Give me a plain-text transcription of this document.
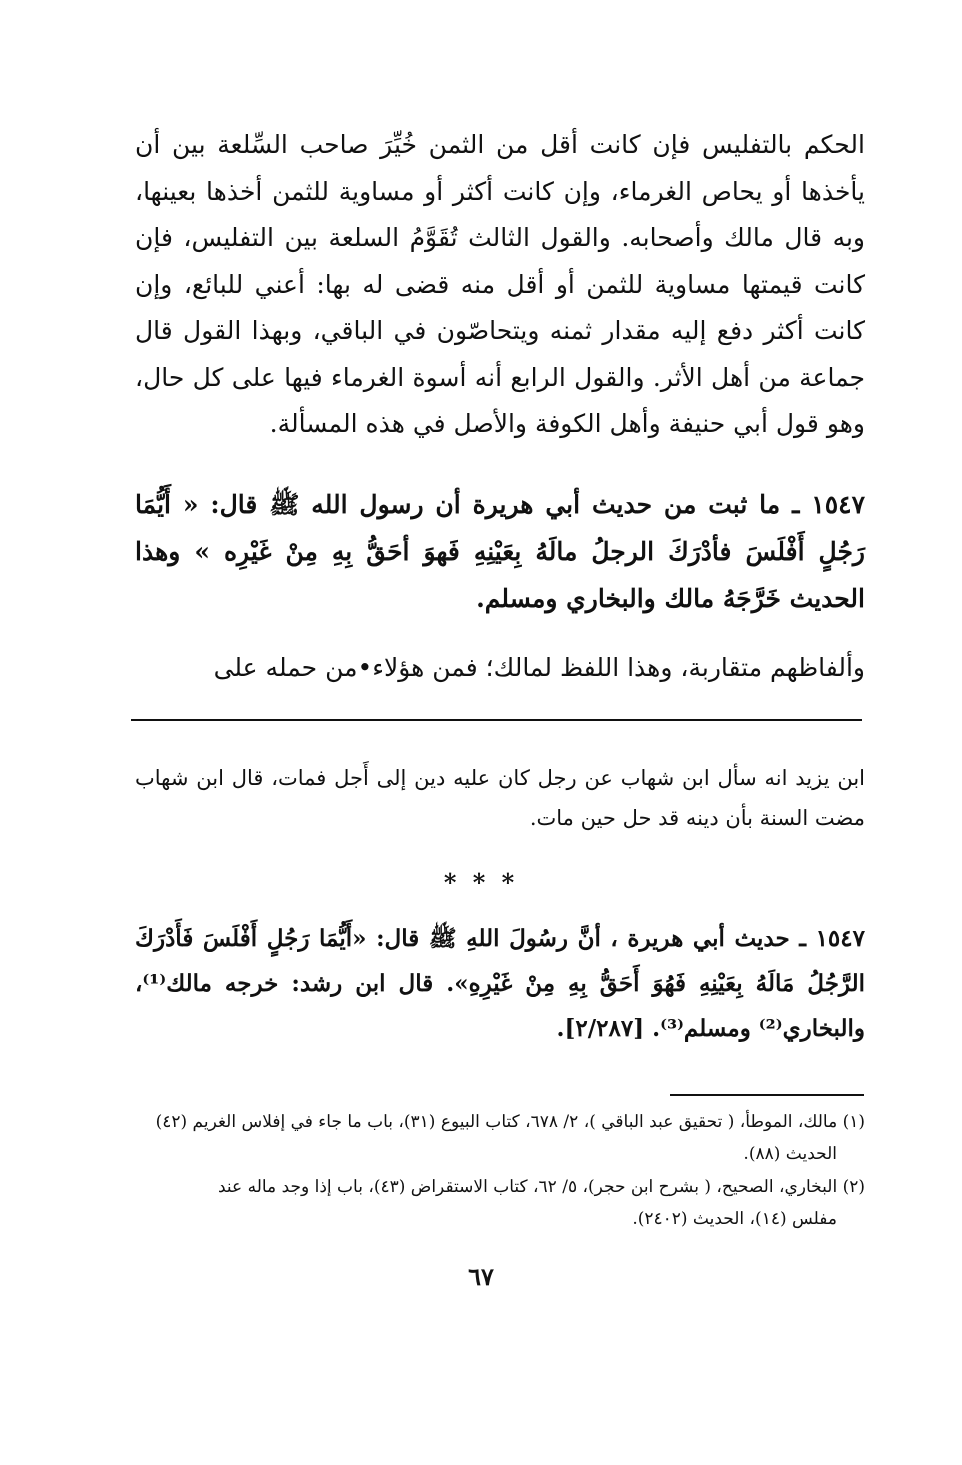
الحكم بالتفليس فإن كانت أقل من الثمن خُيِّرَ صاحب السِّلعة بين أن يأخذها أو يحاص الغرماء، وإن كانت أكثر أو مساوية للثمن أخذها بعينها، وبه قال مالك وأصحابه. والقول الثالث تُقَوَّمُ السلعة بين التفليس، فإن كانت قيمتها مساوية للثمن أو أقل منه قضى له بها: أعني للبائع، وإن كانت أكثر دفع إليه مقدار ثمنه ويتحاصّون في الباقي، وبهذا القول قال جماعة من أهل الأثر. والقول الرابع أنه أسوة الغرماء فيها على كل حال، وهو قول أبي حنيفة وأهل الكوفة والأصل في هذه المسألة.

١٥٤٧ ـ ما ثبت من حديث أبي هريرة أن رسول الله ﷺ قال: « أَيُّمَا رَجُلٍ أَفْلَسَ فأدْرَكَ الرجلُ مالَهُ بِعَيْنِهِ فَهوَ أحَقُّ بِهِ مِنْ غَيْرِه » وهذا الحديث خَرَّجَهُ مالك والبخاري ومسلم.

وألفاظهم متقاربة، وهذا اللفظ لمالك؛ فمن هؤلاء•من حمله على

ابن يزيد انه سأل ابن شهاب عن رجل كان عليه دين إلى أَجل فمات، قال ابن شهاب مضت السنة بأن دينه قد حل حين مات.

* * *

١٥٤٧ ـ حديث أبي هريرة ، أنَّ رسُولَ اللهِ ﷺ قال: «أَيُّمَا رَجُلٍ أَفْلَسَ فَأَدْرَكَ الرَّجُلُ مَالَهُ بِعَيْنِهِ فَهُوَ أَحَقُّ بِهِ مِنْ غَيْرِهِ». قال ابن رشد: خرجه مالك⁽¹⁾، والبخاري⁽²⁾ ومسلم⁽³⁾. [٢/٢٨٧].

(١) مالك، الموطأ، ( تحقيق عبد الباقي )، ٢/ ٦٧٨، كتاب البيوع (٣١)، باب ما جاء في إفلاس الغريم (٤٢)
الحديث (٨٨).
(٢) البخاري، الصحيح، ( بشرح ابن حجر)، ٥/ ٦٢، كتاب الاستقراض (٤٣)، باب إذا وجد ماله عند
مفلس (١٤)، الحديث (٢٤٠٢).
٦٧
